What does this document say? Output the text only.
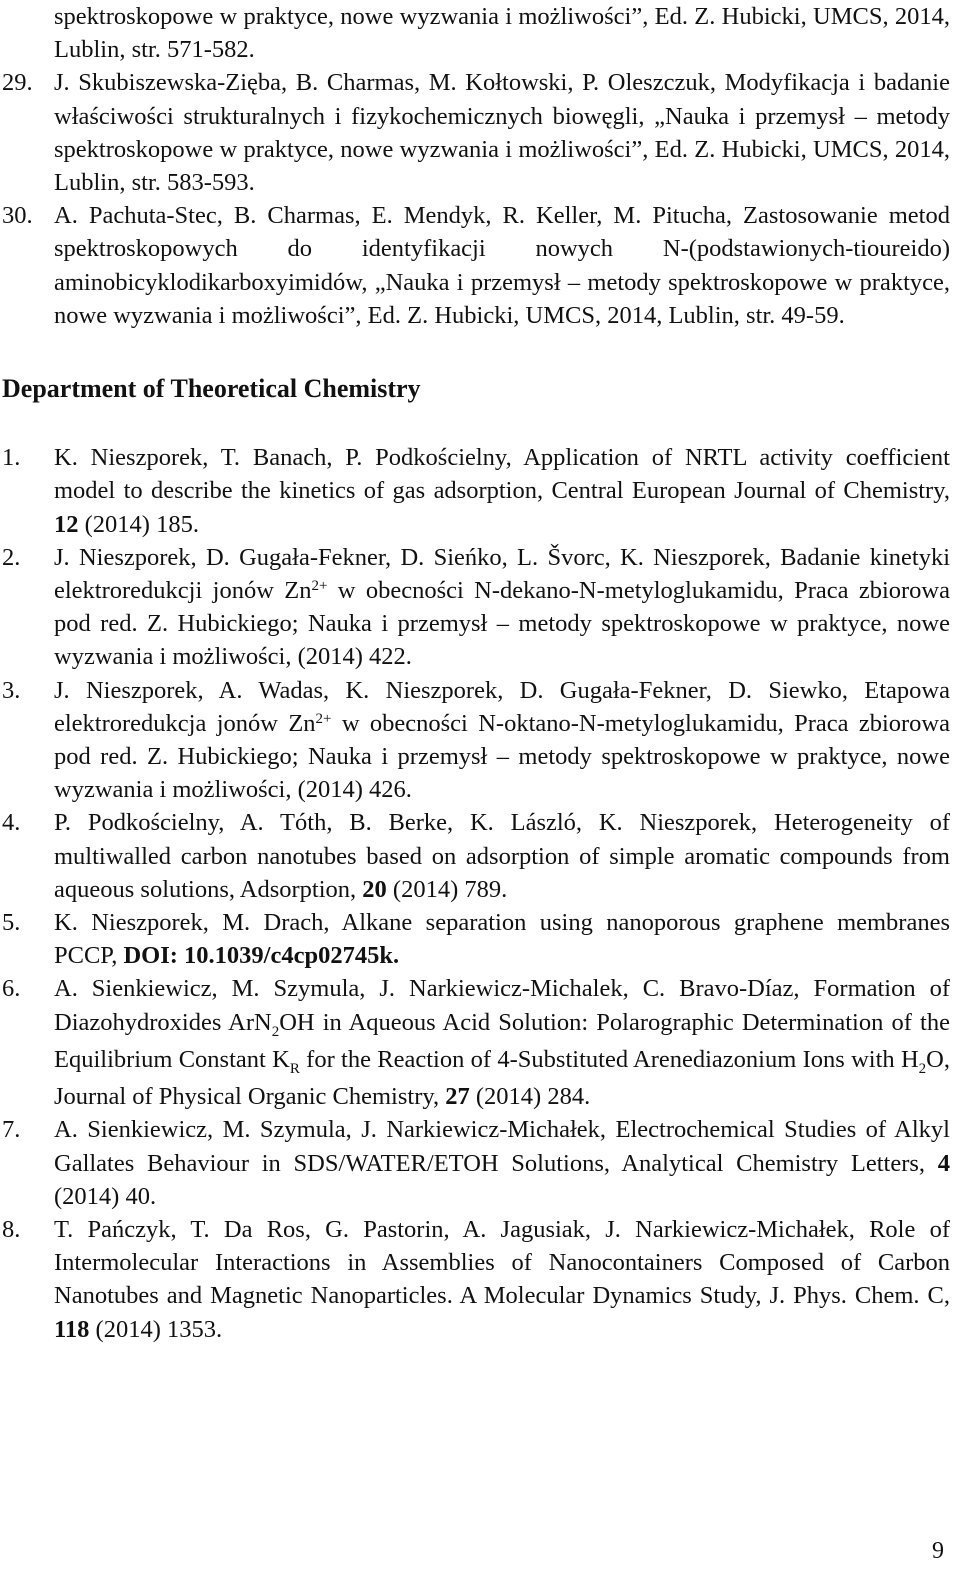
spektroskopowe w praktyce, nowe wyzwania i możliwości”, Ed. Z. Hubicki, UMCS, 2014, Lublin, str. 571-582.
29. J. Skubiszewska-Zięba, B. Charmas, M. Kołtowski, P. Oleszczuk, Modyfikacja i badanie właściwości strukturalnych i fizykochemicznych biowęgli, „Nauka i przemysł – metody spektroskopowe w praktyce, nowe wyzwania i możliwości”, Ed. Z. Hubicki, UMCS, 2014, Lublin, str. 583-593.
30. A. Pachuta-Stec, B. Charmas, E. Mendyk, R. Keller, M. Pitucha, Zastosowanie metod spektroskopowych do identyfikacji nowych N-(podstawionych-tioureido) aminobicyklodikarboxyimidów, „Nauka i przemysł – metody spektroskopowe w praktyce, nowe wyzwania i możliwości”, Ed. Z. Hubicki, UMCS, 2014, Lublin, str. 49-59.
Department of Theoretical Chemistry
1. K. Nieszporek, T. Banach, P. Podkościelny, Application of NRTL activity coefficient model to describe the kinetics of gas adsorption, Central European Journal of Chemistry, 12 (2014) 185.
2. J. Nieszporek, D. Gugała-Fekner, D. Sieńko, L. Švorc, K. Nieszporek, Badanie kinetyki elektroredukcji jonów $Zn^{2+}$ w obecności N-dekano-N-metyloglukamidu, Praca zbiorowa pod red. Z. Hubickiego; Nauka i przemysł – metody spektroskopowe w praktyce, nowe wyzwania i możliwości, (2014) 422.
3. J. Nieszporek, A. Wadas, K. Nieszporek, D. Gugała-Fekner, D. Siewko, Etapowa elektroredukcja jonów $Zn^{2+}$ w obecności N-oktano-N-metyloglukamidu, Praca zbiorowa pod red. Z. Hubickiego; Nauka i przemysł – metody spektroskopowe w praktyce, nowe wyzwania i możliwości, (2014) 426.
4. P. Podkościelny, A. Tóth, B. Berke, K. László, K. Nieszporek, Heterogeneity of multiwalled carbon nanotubes based on adsorption of simple aromatic compounds from aqueous solutions, Adsorption, 20 (2014) 789.
5. K. Nieszporek, M. Drach, Alkane separation using nanoporous graphene membranes PCCP, DOI: 10.1039/c4cp02745k.
6. A. Sienkiewicz, M. Szymula, J. Narkiewicz-Michalek, C. Bravo-Díaz, Formation of Diazohydroxides ArN$_2$OH in Aqueous Acid Solution: Polarographic Determination of the Equilibrium Constant $K_R$ for the Reaction of 4-Substituted Arenediazonium Ions with $H_2O$, Journal of Physical Organic Chemistry, 27 (2014) 284.
7. A. Sienkiewicz, M. Szymula, J. Narkiewicz-Michałek, Electrochemical Studies of Alkyl Gallates Behaviour in SDS/WATER/ETOH Solutions, Analytical Chemistry Letters, 4 (2014) 40.
8. T. Pańczyk, T. Da Ros, G. Pastorin, A. Jagusiak, J. Narkiewicz-Michałek, Role of Intermolecular Interactions in Assemblies of Nanocontainers Composed of Carbon Nanotubes and Magnetic Nanoparticles. A Molecular Dynamics Study, J. Phys. Chem. C, 118 (2014) 1353.
9
